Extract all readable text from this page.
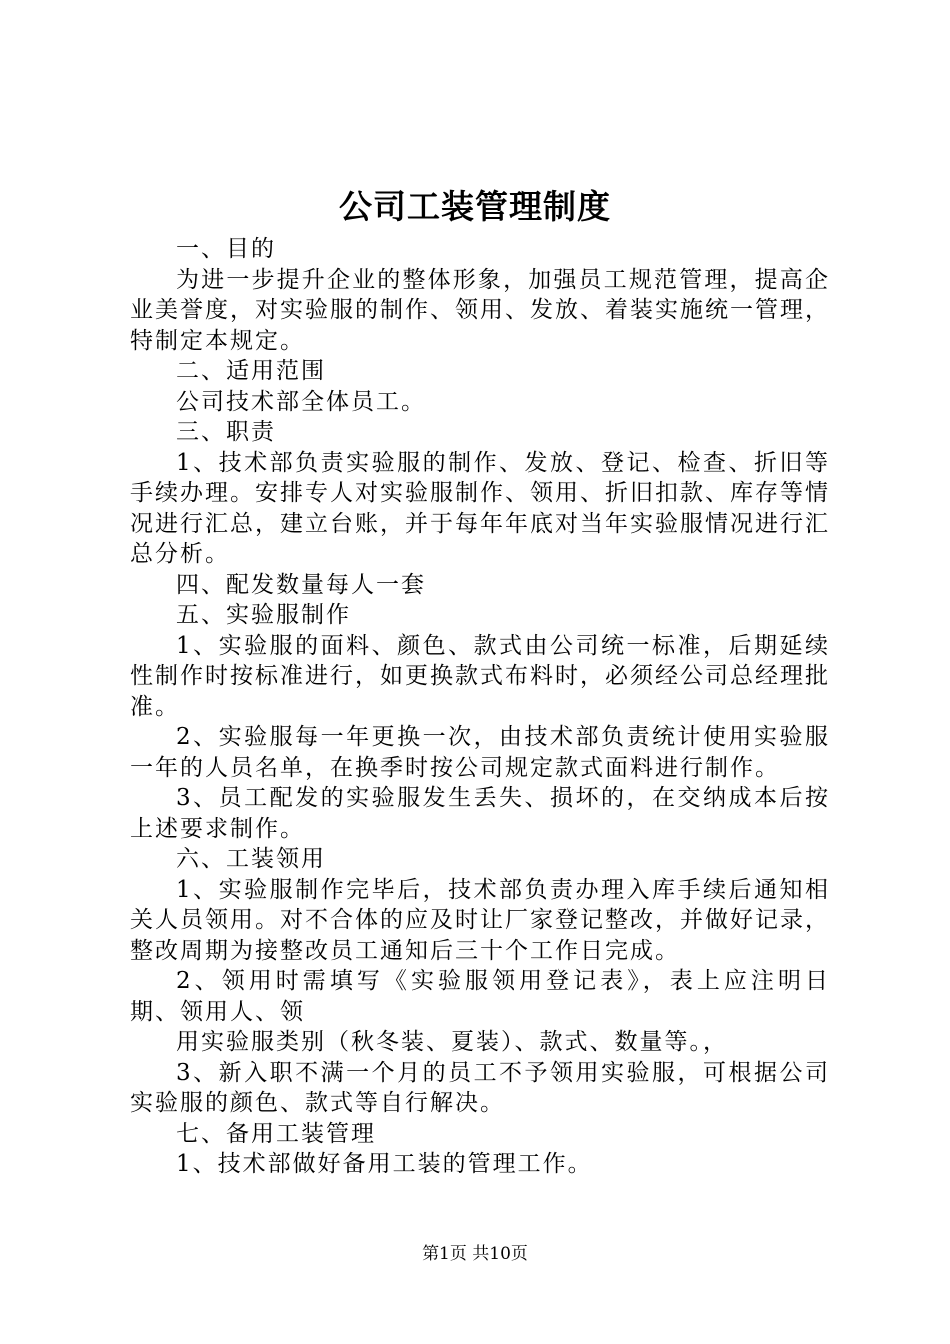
公司工装管理制度

一、目的

为进一步提升企业的整体形象，加强员工规范管理，提高企业美誉度，对实验服的制作、领用、发放、着装实施统一管理，特制定本规定。

二、适用范围

公司技术部全体员工。

三、职责

1、技术部负责实验服的制作、发放、登记、检查、折旧等手续办理。安排专人对实验服制作、领用、折旧扣款、库存等情况进行汇总，建立台账，并于每年年底对当年实验服情况进行汇总分析。

四、配发数量每人一套

五、实验服制作

1、实验服的面料、颜色、款式由公司统一标准，后期延续性制作时按标准进行，如更换款式布料时，必须经公司总经理批准。

2、实验服每一年更换一次，由技术部负责统计使用实验服一年的人员名单，在换季时按公司规定款式面料进行制作。

3、员工配发的实验服发生丢失、损坏的，在交纳成本后按上述要求制作。

六、工装领用

1、实验服制作完毕后，技术部负责办理入库手续后通知相关人员领用。对不合体的应及时让厂家登记整改，并做好记录，整改周期为接整改员工通知后三十个工作日完成。

2、领用时需填写《实验服领用登记表》，表上应注明日期、领用人、领

用实验服类别（秋冬装、夏装）、款式、数量等。，

3、新入职不满一个月的员工不予领用实验服，可根据公司实验服的颜色、款式等自行解决。

七、备用工装管理

1、技术部做好备用工装的管理工作。

第1页 共10页
